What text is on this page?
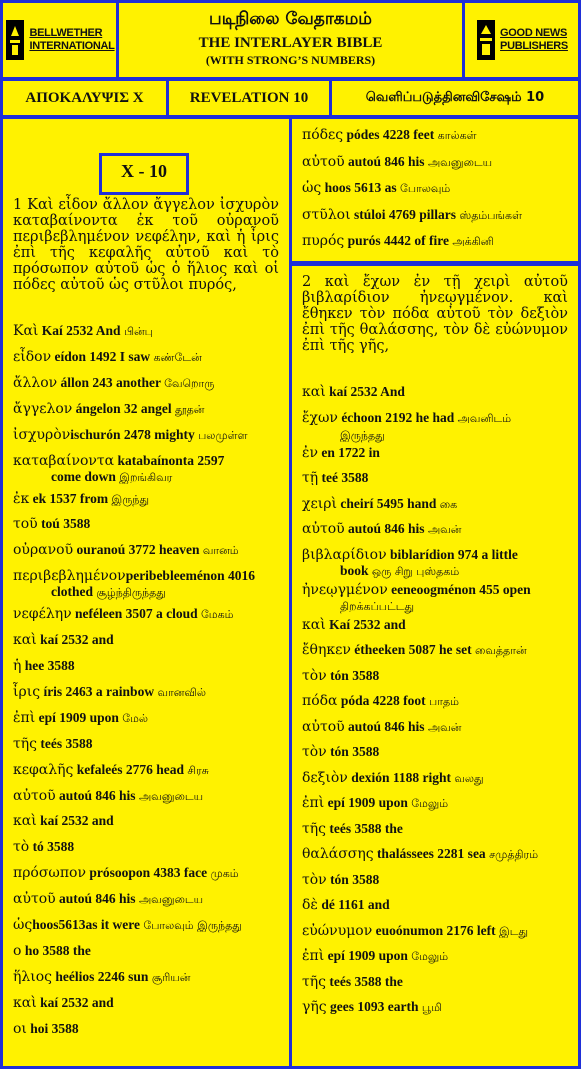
BELLWETHER
INTERNATIONAL
படிநிலை வேதாகமம்
THE INTERLAYER BIBLE
(WITH STRONG’S NUMBERS)
GOOD NEWS
PUBLISHERS
ΑΠΟΚΑΛΥΨΙΣ X	REVELATION 10	வெளிப்படுத்தினவிசேஷம் 10
X - 10
1 Καὶ εἶδον ἄλλον ἄγγελον ἰσχυρὸν καταβαίνοντα ἐκ τοῦ οὐρανοῦ περιβεβλημένον νεφέλην, καὶ ἡ ἶρις ἐπὶ τῆς κεφαλῆς αὐτοῦ καὶ τὸ πρόσωπον αὐτοῦ ὡς ὁ ἥλιος καὶ οἱ πόδες αὐτοῦ ὡς στῦλοι πυρός,
Καὶ Kaí 2532 And பின்பு
εἶδον eídon 1492 I saw கண்டேன்
ἄλλον állon 243 another வேறொரு
ἄγγελον ángelon 32 angel தூதன்
ἰσχυρὸνischurón 2478 mighty பலமுள்ள
καταβαίνοντα katabaínonta 2597
come down இறங்கிவர
ἐκ ek 1537 from இருந்து
τοῦ toú 3588
οὐρανοῦ ouranoú 3772 heaven வானம்
περιβεβλημένονperibebleeménon 4016
clothed சூழ்ந்திருந்தது
νεφέλην neféleen 3507 a cloud மேகம்
καὶ kaí 2532 and
ἡ hee 3588
ἶρις íris 2463 a rainbow வானவில்
ἐπὶ epí 1909 upon மேல்
τῆς teés 3588
κεφαλῆς kefaleés 2776 head சிரசு
αὐτοῦ autoú 846 his அவனுடைய
καὶ kaí 2532 and
τὸ tó 3588
πρόσωπον prósoopon 4383 face முகம்
αὐτοῦ autoú 846 his அவனுடைய
ὡςhoos5613as it were போலவும் இருந்தது
ο ho 3588 the
ἥλιος heélios 2246 sun சூரியன்
καὶ kaí 2532 and
οι hoi 3588
πόδες pódes 4228 feet கால்கள்
αὐτοῦ autoú 846 his அவனுடைய
ὡς hoos 5613 as போலவும்
στῦλοι stúloi 4769 pillars ஸ்தம்பங்கள்
πυρός purós 4442 of fire அக்கினி
2 καὶ ἔχων ἐν τῇ χειρὶ αὐτοῦ βιβλαρίδιον ἠνεῳγμένον. καὶ ἔθηκεν τὸν πόδα αὐτοῦ τὸν δεξιὸν ἐπὶ τῆς θαλάσσης, τὸν δὲ εὐώνυμον ἐπὶ τῆς γῆς,
καὶ kaí 2532 And
ἔχων échoon 2192 he had அவனிடம்
இருந்தது
ἐν en 1722 in
τῇ teé 3588
χειρὶ cheirí 5495 hand கை
αὐτοῦ autoú 846 his அவன்
βιβλαρίδιον biblarídion 974 a little
book ஒரு சிறு புஸ்தகம்
ἠνεῳγμένον eeneoogménon 455 open
திறக்கப்பட்டது
καὶ Kaí 2532 and
ἔθηκεν étheeken 5087 he set வைத்தான்
τὸν tón 3588
πόδα póda 4228 foot பாதம்
αὐτοῦ autoú 846 his அவன்
τὸν tón 3588
δεξιὸν dexión 1188 right வலது
ἐπὶ epí 1909 upon மேலும்
τῆς teés 3588 the
θαλάσσης thalássees 2281 sea சமுத்திரம்
τὸν tón 3588
δὲ dé 1161 and
εὐώνυμον euoónumon 2176 left இடது
ἐπὶ epí 1909 upon மேலும்
τῆς teés 3588 the
γῆς gees 1093 earth பூமி
